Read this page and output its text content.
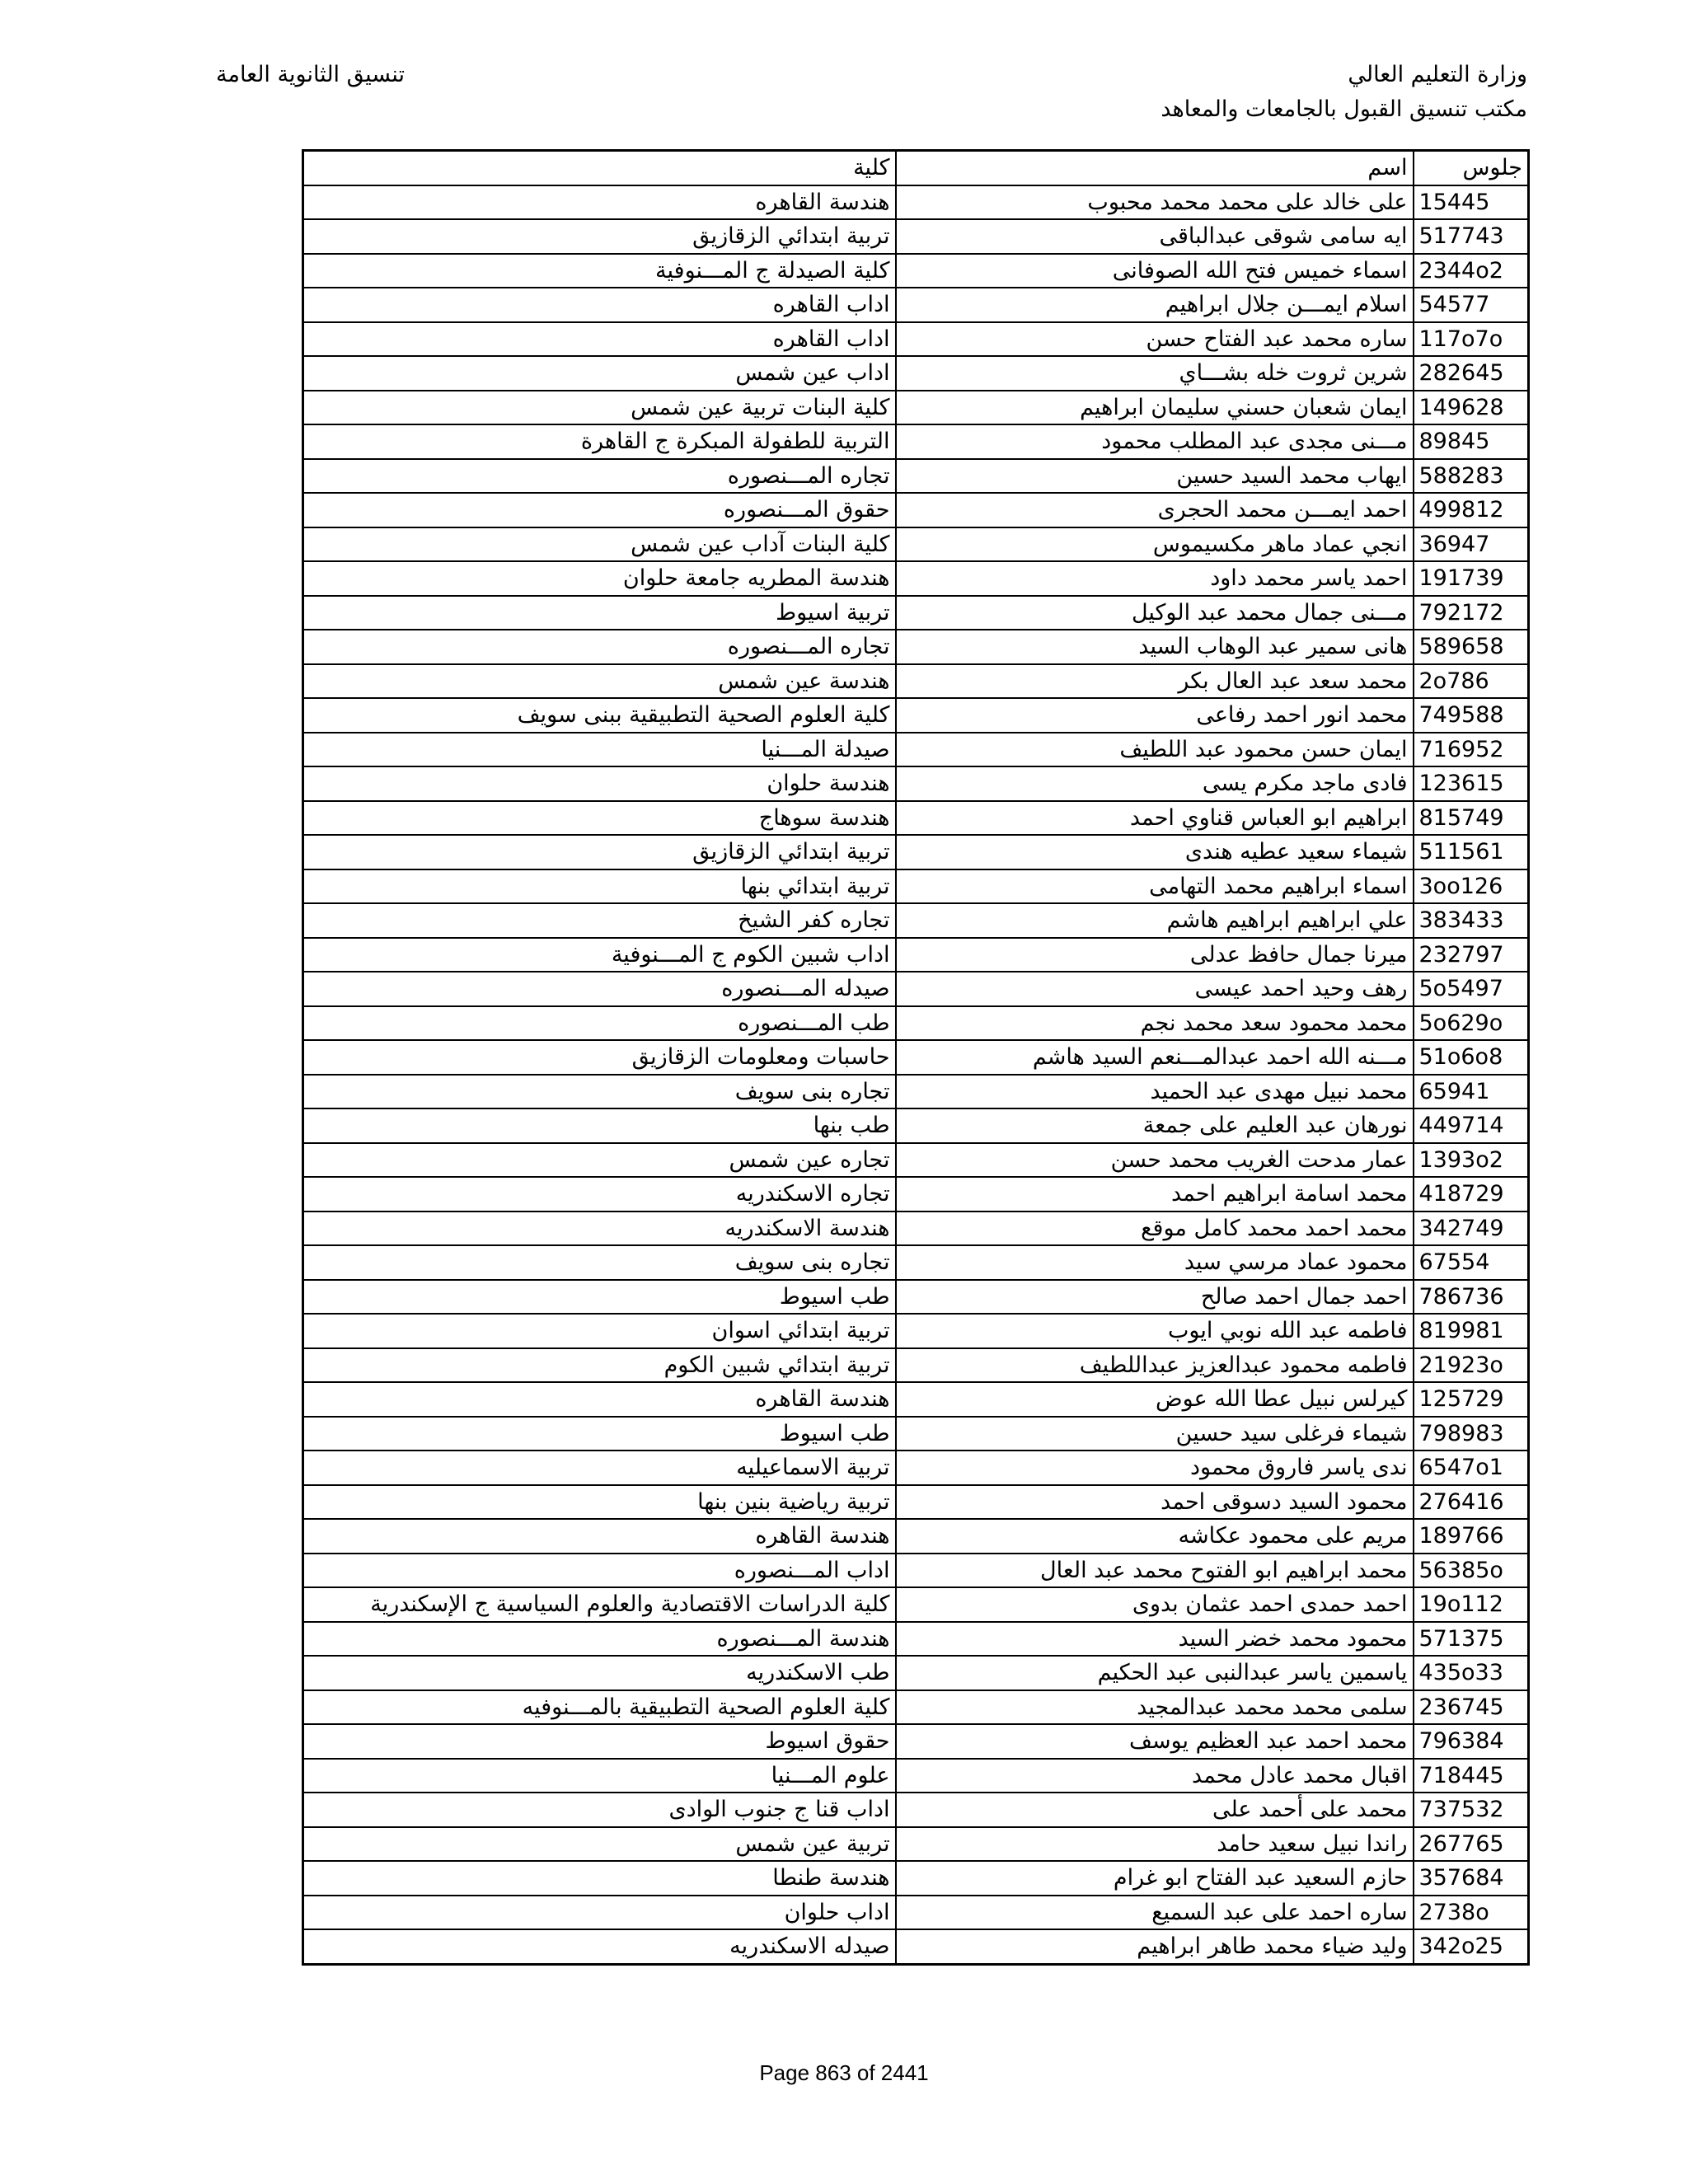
وزارة التعليم العالي
مكتب تنسيق القبول بالجامعات والمعاهد
تنسيق الثانوية العامة
جلوس	اسم	كلية
15445	على خالد على محمد محمد محبوب	هندسة القاهره
517743	ايه سامى شوقى عبدالباقى	تربية ابتدائي الزقازيق
2344o2	اسماء خميس فتح الله الصوفانى	كلية الصيدلة ج المـــنوفية
54577	اسلام ايمـــن جلال ابراهيم	اداب القاهره
117o7o	ساره محمد عبد الفتاح حسن	اداب القاهره
282645	شرين ثروت خله بشـــاي	اداب عين شمس
149628	ايمان شعبان حسني سليمان ابراهيم	كلية البنات تربية عين شمس
89845	مـــنى مجدى عبد المطلب محمود	التربية للطفولة المبكرة ج القاهرة
588283	ايهاب محمد السيد حسين	تجاره المـــنصوره
499812	احمد ايمـــن محمد الحجرى	حقوق المـــنصوره
36947	انجي عماد ماهر مكسيموس	كلية البنات آداب عين شمس
191739	احمد ياسر محمد داود	هندسة المطريه جامعة حلوان
792172	مـــنى جمال محمد عبد الوكيل	تربية اسيوط
589658	هانى سمير عبد الوهاب السيد	تجاره المـــنصوره
2o786	محمد سعد عبد العال بكر	هندسة عين شمس
749588	محمد انور احمد رفاعى	كلية العلوم الصحية التطبيقية ببنى سويف
716952	ايمان حسن محمود عبد اللطيف	صيدلة المـــنيا
123615	فادى ماجد مكرم يسى	هندسة حلوان
815749	ابراهيم ابو العباس قناوي احمد	هندسة سوهاج
511561	شيماء سعيد عطيه هندى	تربية ابتدائي الزقازيق
3oo126	اسماء ابراهيم محمد التهامى	تربية ابتدائي بنها
383433	علي ابراهيم ابراهيم هاشم	تجاره كفر الشيخ
232797	ميرنا جمال حافظ عدلى	اداب شبين الكوم ج المـــنوفية
5o5497	رهف وحيد احمد عيسى	صيدله المـــنصوره
5o629o	محمد محمود سعد محمد نجم	طب المـــنصوره
51o6o8	مـــنه الله احمد عبدالمـــنعم السيد هاشم	حاسبات ومعلومات الزقازيق
65941	محمد نبيل مهدى عبد الحميد	تجاره بنى سويف
449714	نورهان عبد العليم على جمعة	طب بنها
1393o2	عمار مدحت الغريب محمد حسن	تجاره عين شمس
418729	محمد اسامة ابراهيم احمد	تجاره الاسكندريه
342749	محمد احمد محمد كامل موقع	هندسة الاسكندريه
67554	محمود عماد مرسي سيد	تجاره بنى سويف
786736	احمد جمال احمد صالح	طب اسيوط
819981	فاطمه عبد الله نوبي ايوب	تربية ابتدائي اسوان
21923o	فاطمه محمود عبدالعزيز عبداللطيف	تربية ابتدائي شبين الكوم
125729	كيرلس نبيل عطا الله عوض	هندسة القاهره
798983	شيماء فرغلى سيد حسين	طب اسيوط
6547o1	ندى ياسر فاروق محمود	تربية الاسماعيليه
276416	محمود السيد دسوقى احمد	تربية رياضية بنين بنها
189766	مريم على محمود عكاشه	هندسة القاهره
56385o	محمد ابراهيم ابو الفتوح محمد عبد العال	اداب المـــنصوره
19o112	احمد حمدى احمد عثمان بدوى	كلية الدراسات الاقتصادية والعلوم السياسية ج الإسكندرية
571375	محمود محمد خضر السيد	هندسة المـــنصوره
435o33	ياسمين ياسر عبدالنبى عبد الحكيم	طب الاسكندريه
236745	سلمى محمد محمد عبدالمجيد	كلية العلوم الصحية التطبيقية بالمـــنوفيه
796384	محمد احمد عبد العظيم يوسف	حقوق اسيوط
718445	اقبال محمد عادل محمد	علوم المـــنيا
737532	محمد على أحمد على	اداب قنا ج جنوب الوادى
267765	راندا نبيل سعيد حامد	تربية عين شمس
357684	حازم السعيد عبد الفتاح ابو غرام	هندسة طنطا
2738o	ساره احمد على عبد السميع	اداب حلوان
342o25	وليد ضياء محمد طاهر ابراهيم	صيدله الاسكندريه
Page 863 of 2441
